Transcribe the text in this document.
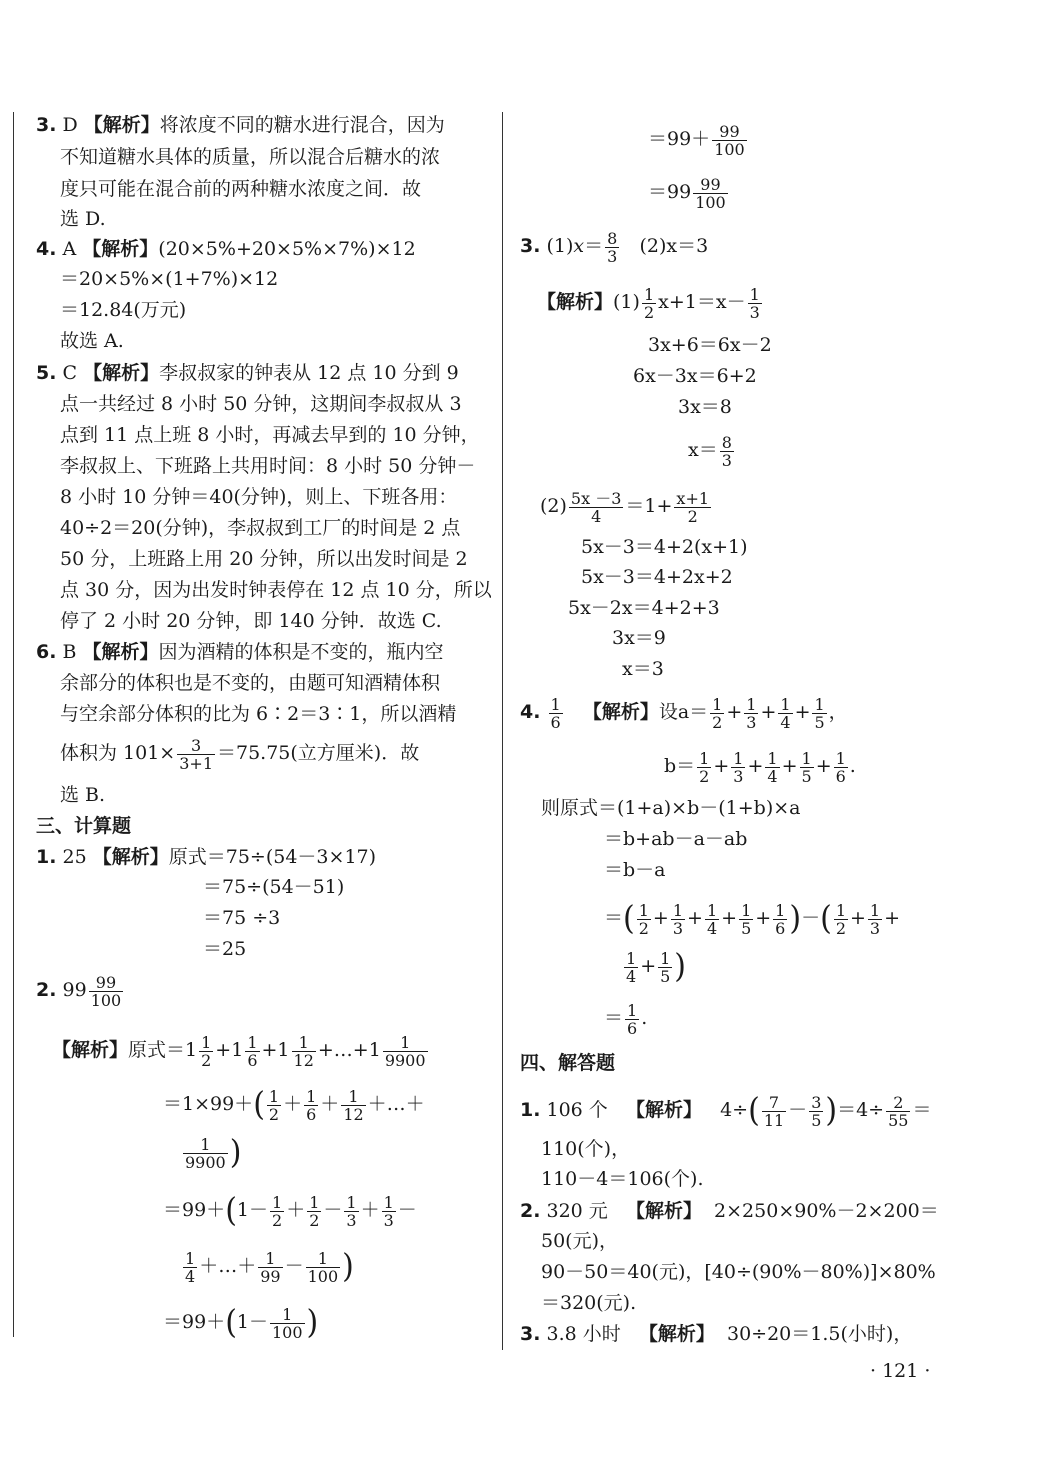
3. D 【解析】将浓度不同的糖水进行混合，因为
不知道糖水具体的质量，所以混合后糖水的浓
度只可能在混合前的两种糖水浓度之间．故
选 D.
4. A 【解析】(20×5%+20×5%×7%)×12
＝20×5%×(1+7%)×12
＝12.84(万元)
故选 A.
5. C 【解析】李叔叔家的钟表从 12 点 10 分到 9
点一共经过 8 小时 50 分钟，这期间李叔叔从 3
点到 11 点上班 8 小时，再减去早到的 10 分钟，
李叔叔上、下班路上共用时间：8 小时 50 分钟－
8 小时 10 分钟＝40(分钟)，则上、下班各用：
40÷2＝20(分钟)，李叔叔到工厂的时间是 2 点
50 分，上班路上用 20 分钟，所以出发时间是 2
点 30 分，因为出发时钟表停在 12 点 10 分，所以
停了 2 小时 20 分钟，即 140 分钟．故选 C.
6. B 【解析】因为酒精的体积是不变的，瓶内空
余部分的体积也是不变的，由题可知酒精体积
与空余部分体积的比为 6∶2＝3∶1，所以酒精
体积为 $101\times \frac{3}{3+1} =75.75$(立方厘米)．故
选 B.
三、计算题
1. 25 【解析】原式＝75÷(54－3×17)
＝75÷(54－51)
＝75 ÷3
＝25
2. $99 \frac{99}{100}$
【解析】原式$=1 \frac{1}{2} +1 \frac{1}{6} +1 \frac{1}{12}$ +…+1 $\frac{1}{9900}$
$=1\times 99+( \frac{1}{2} + \frac{1}{6} + \frac{1}{12}$ ＋…＋
$\frac{1}{9900}$ )
$=99+(1- \frac{1}{2} + \frac{1}{2} - \frac{1}{3} + \frac{1}{3}$ －
$\frac{1}{4}$ ＋…＋ $\frac{1}{99} - \frac{1}{100}$ )
$=99+(1- \frac{1}{100}$ )
$=99+ \frac{99}{100}$
$=99 \frac{99}{100}$
3. $(1)x= \frac{8}{3} (2)x=3$
【解析】$(1) \frac{1}{2} x+1=x- \frac{1}{3}$
3x+6＝6x－2
6x－3x＝6+2
3x＝8
$x= \frac{8}{3}$
$(2) \frac{5x -3}{4} =1+ \frac{x+1}{2}$
5x－3＝4+2(x+1)
5x－3＝4+2x+2
5x－2x＝4+2+3
3x＝9
x＝3
4. $\frac{1}{6}$ 【解析】设$a= \frac{1}{2} + \frac{1}{3} + \frac{1}{4} + \frac{1}{5}$ ，
$b= \frac{1}{2} + \frac{1}{3} + \frac{1}{4} + \frac{1}{5} + \frac{1}{6}$ .
则原式＝(1+a)×b－(1+b)×a
＝b+ab－a－ab
＝b－a
＝( $\frac{1}{2} + \frac{1}{3} + \frac{1}{4} + \frac{1}{5} + \frac{1}{6}$ )－( $\frac{1}{2} + \frac{1}{3}$ +
$\frac{1}{4} + \frac{1}{5}$ )
＝ $\frac{1}{6}$ .
四、解答题
1. 106 个 【解析】 $4\div( \frac{7}{11} - \frac{3}{5} )=4\div \frac{2}{55}$ ＝
110(个)，
110－4＝106(个).
2. 320 元 【解析】 2×250×90%－2×200＝
50(元)，
90－50＝40(元)，[40÷(90%－80%)]×80%
＝320(元).
3. 3.8 小时 【解析】 30÷20＝1.5(小时)，
· 121 ·
